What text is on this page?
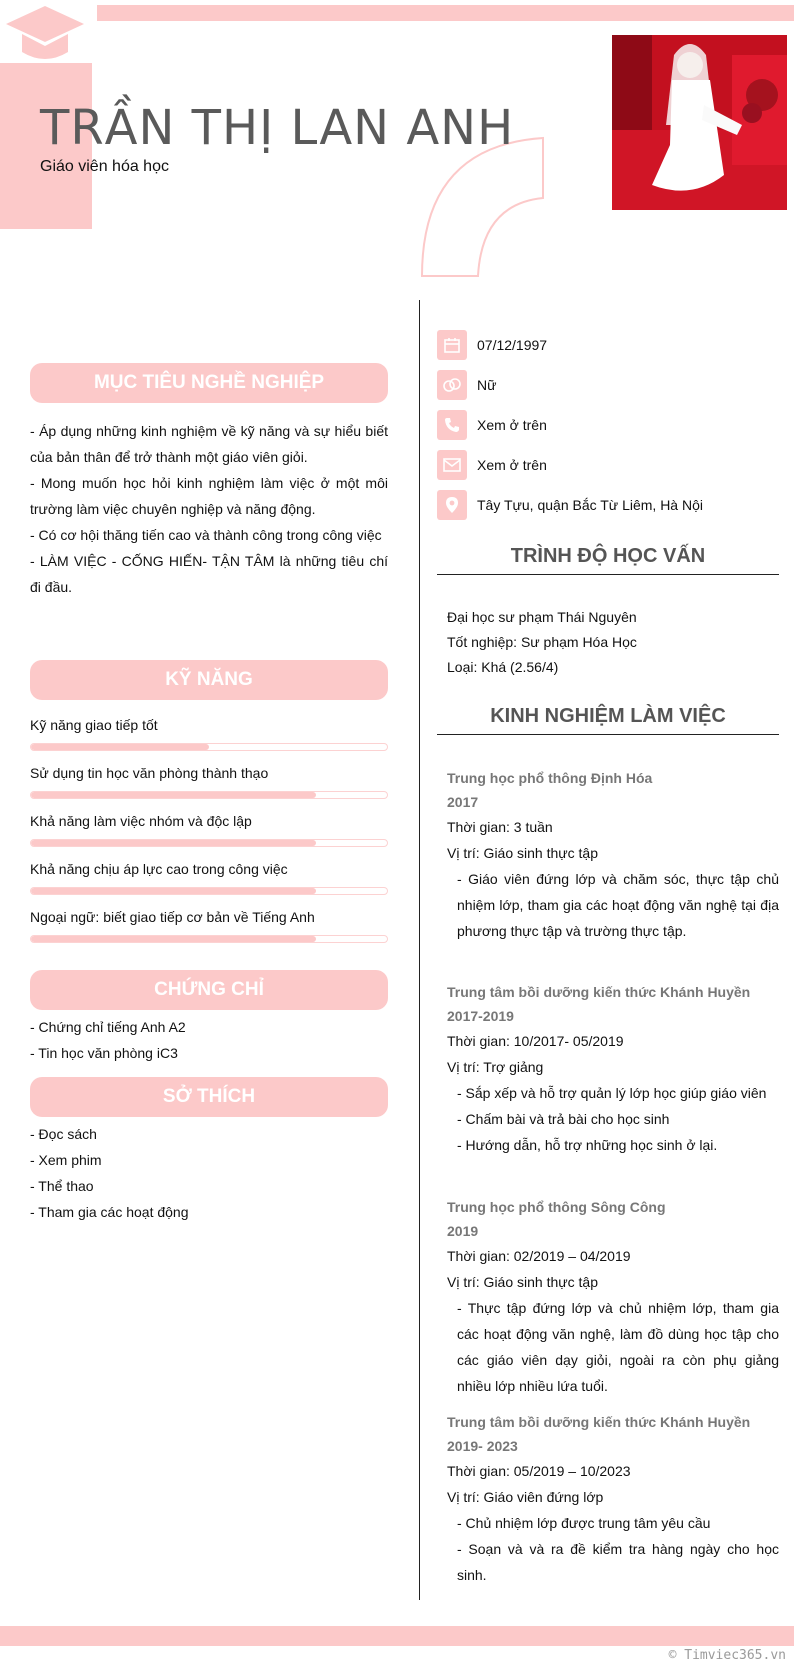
TRẦN THỊ LAN ANH
Giáo viên hóa học
MỤC TIÊU NGHỀ NGHIỆP
- Áp dụng những kinh nghiệm về kỹ năng và sự hiểu biết của bản thân để trở thành một giáo viên giỏi.
- Mong muốn học hỏi kinh nghiệm làm việc ở một môi trường làm việc chuyên nghiệp và năng động.
- Có cơ hội thăng tiến cao và thành công trong công việc
- LÀM VIỆC - CỐNG HIẾN- TẬN TÂM là những tiêu chí đi đầu.
KỸ NĂNG
Kỹ năng giao tiếp tốt
Sử dụng tin học văn phòng thành thạo
Khả năng làm việc nhóm và độc lập
Khả năng chịu áp lực cao trong công việc
Ngoại ngữ: biết giao tiếp cơ bản về Tiếng Anh
CHỨNG CHỈ
- Chứng chỉ tiếng Anh A2
- Tin học văn phòng iC3
SỞ THÍCH
- Đọc sách
- Xem phim
- Thể thao
- Tham gia các hoạt động
07/12/1997
Nữ
Xem ở trên
Xem ở trên
Tây Tựu, quận Bắc Từ Liêm, Hà Nội
TRÌNH ĐỘ HỌC VẤN
Đại học sư phạm Thái Nguyên
Tốt nghiệp: Sư phạm Hóa Học
Loại: Khá (2.56/4)
KINH NGHIỆM LÀM VIỆC
Trung học phổ thông Định Hóa
2017
Thời gian: 3 tuần
Vị trí: Giáo sinh thực tập
- Giáo viên đứng lớp và chăm sóc, thực tập chủ nhiệm lớp, tham gia các hoạt động văn nghệ tại địa phương thực tập và trường thực tập.
Trung tâm bồi dưỡng kiến thức Khánh Huyền
2017-2019
Thời gian: 10/2017- 05/2019
Vị trí: Trợ giảng
- Sắp xếp và hỗ trợ quản lý lớp học giúp giáo viên
- Chấm bài và trả bài cho học sinh
- Hướng dẫn, hỗ trợ những học sinh ở lại.
Trung học phổ thông Sông Công
2019
Thời gian: 02/2019 – 04/2019
Vị trí: Giáo sinh thực tập
- Thực tập đứng lớp và chủ nhiệm lớp, tham gia các hoạt động văn nghệ, làm đồ dùng học tập cho các giáo viên dạy giỏi, ngoài ra còn phụ giảng nhiều lớp nhiều lứa tuổi.
Trung tâm bồi dưỡng kiến thức Khánh Huyền
2019- 2023
Thời gian: 05/2019 – 10/2023
Vị trí: Giáo viên đứng lớp
- Chủ nhiệm lớp được trung tâm yêu cầu
- Soạn và và ra đề kiểm tra hàng ngày cho học sinh.
© Timviec365.vn
